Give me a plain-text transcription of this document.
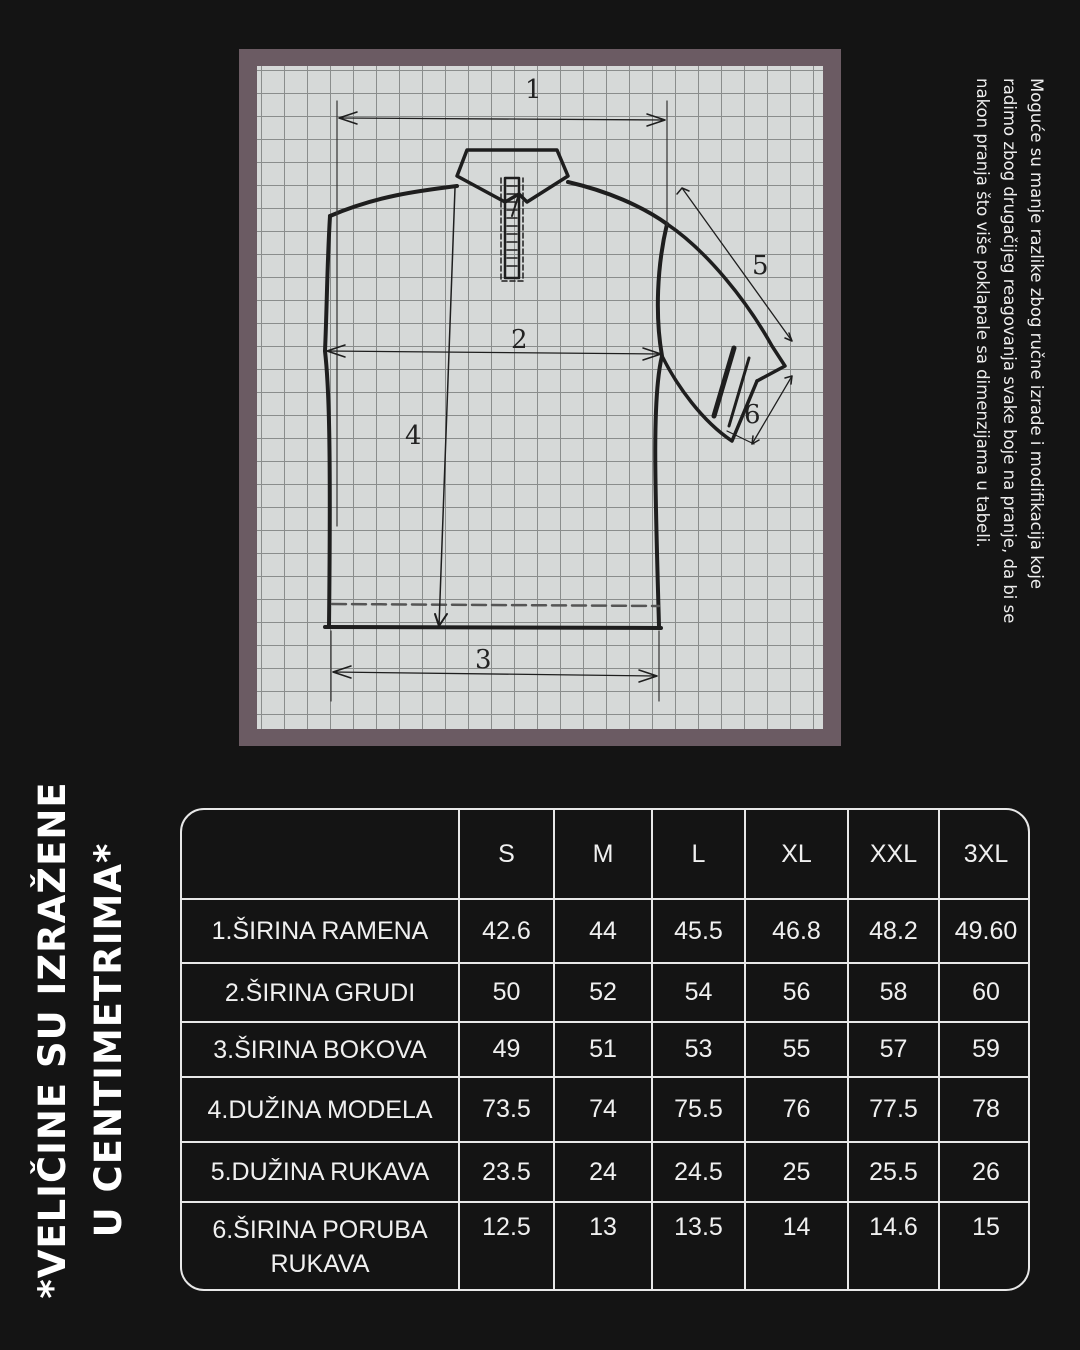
1
2
3
4
5
6	Moguće su manje razlike zbog ručne izrade i modifikacija koje radimo zbog drugačijeg reagovanja svake boje na pranje, da bi se nakon pranja što više poklapale sa dimenzijama u tabeli.

*VELIČINE SU IZRAŽENE U CENTIMETRIMA*
		S	M	L	XL	XXL	3XL
1.ŠIRINA RAMENA	42.6	44	45.5	46.8	48.2	49.60
2.ŠIRINA GRUDI	50	52	54	56	58	60
3.ŠIRINA BOKOVA	49	51	53	55	57	59
4.DUŽINA MODELA	73.5	74	75.5	76	77.5	78
5.DUŽINA RUKAVA	23.5	24	24.5	25	25.5	26
6.ŠIRINA PORUBA RUKAVA	12.5	13	13.5	14	14.6	15
